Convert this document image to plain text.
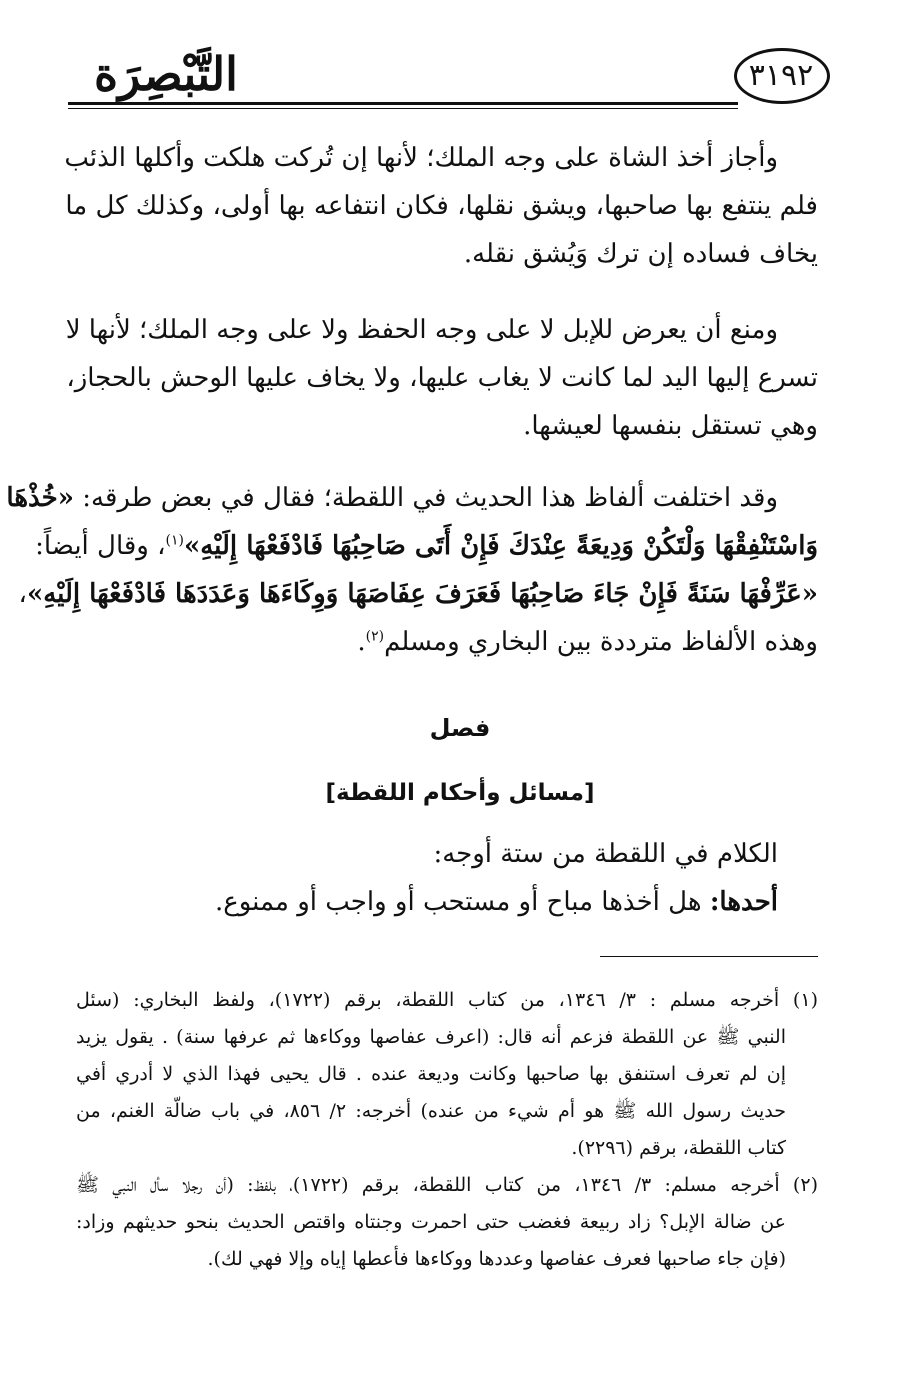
التَّبْصِرَة	٣١٩٢

وأجاز أخذ الشاة على وجه الملك؛ لأنها إن تُركت هلكت وأكلها الذئب
فلم ينتفع بها صاحبها، ويشق نقلها، فكان انتفاعه بها أولى، وكذلك كل ما
يخاف فساده إن ترك وَيُشق نقله.

ومنع أن يعرض للإبل لا على وجه الحفظ ولا على وجه الملك؛ لأنها لا
تسرع إليها اليد لما كانت لا يغاب عليها، ولا يخاف عليها الوحش بالحجاز،
وهي تستقل بنفسها لعيشها.

وقد اختلفت ألفاظ هذا الحديث في اللقطة؛ فقال في بعض طرقه: «خُذْهَا
وَاسْتَنْفِقْهَا وَلْتَكُنْ وَدِيعَةً عِنْدَكَ فَإِنْ أَتَى صَاحِبُهَا فَادْفَعْهَا إِلَيْهِ»$^{(١)}$، وقال أيضاً:
«عَرِّفْهَا سَنَةً فَإِنْ جَاءَ صَاحِبُهَا فَعَرَفَ عِفَاصَهَا وَوِكَاءَهَا وَعَدَدَهَا فَادْفَعْهَا إِلَيْهِ»،
وهذه الألفاظ مترددة بين البخاري ومسلم$^{(٢)}$.

فصل
[مسائل وأحكام اللقطة]

الكلام في اللقطة من ستة أوجه:
أحدها: هل أخذها مباح أو مستحب أو واجب أو ممنوع.

(١) أخرجه مسلم : ٣/ ١٣٤٦، من كتاب اللقطة، برقم (١٧٢٢)، ولفظ البخاري: (سئل
النبي ﷺ عن اللقطة فزعم أنه قال: (اعرف عفاصها ووكاءها ثم عرفها سنة) . يقول يزيد
إن لم تعرف استنفق بها صاحبها وكانت وديعة عنده . قال يحيى فهذا الذي لا أدري أفي
حديث رسول الله ﷺ هو أم شيء من عنده) أخرجه: ٢/ ٨٥٦، في باب ضالّة الغنم، من
كتاب اللقطة، برقم (٢٢٩٦).

(٢) أخرجه مسلم: ٣/ ١٣٤٦، من كتاب اللقطة، برقم (١٧٢٢)، بلفظ: (أن رجلا سأل النبي ﷺ
عن ضالة الإبل؟ زاد ربيعة فغضب حتى احمرت وجنتاه واقتص الحديث بنحو حديثهم وزاد:
(فإن جاء صاحبها فعرف عفاصها وعددها ووكاءها فأعطها إياه وإلا فهي لك).
